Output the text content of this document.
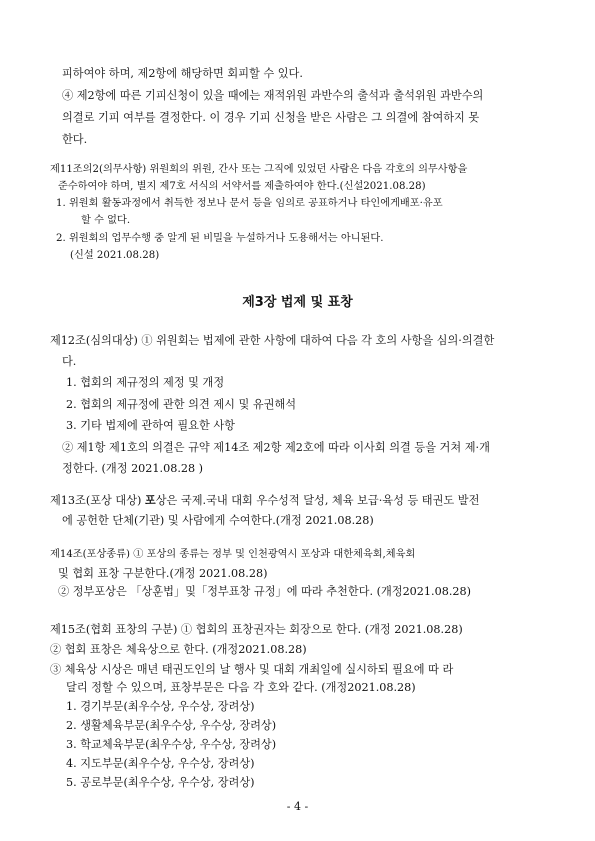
피하여야 하며, 제2항에 해당하면 회피할 수 있다.
④ 제2항에 따른 기피신청이 있을 때에는 재적위원 과반수의 출석과 출석위원 과반수의
의결로 기피 여부를 결정한다. 이 경우 기피 신청을 받은 사람은 그 의결에 참여하지 못
한다.
제11조의2(의무사항) 위원회의 위원, 간사 또는 그직에 있었던 사람은 다음 각호의 의무사항을
준수하여야 하며, 별지 제7호 서식의 서약서를 제출하여야 한다.(신설2021.08.28)
1. 위원회 활동과정에서 취득한 정보나 문서 등을 임의로 공표하거나 타인에게배포·유포
할 수 없다.
2. 위원회의 업무수행 중 알게 된 비밀을 누설하거나 도용해서는 아니된다.
(신설 2021.08.28)
제3장 법제 및 표창
제12조(심의대상) ① 위원회는 법제에 관한 사항에 대하여 다음 각 호의 사항을 심의·의결한
다.
1. 협회의 제규정의 제정 및 개정
2. 협회의 제규정에 관한 의견 제시 및 유권해석
3. 기타 법제에 관하여 필요한 사항
② 제1항 제1호의 의결은 규약 제14조 제2항 제2호에 따라 이사회 의결 등을 거쳐 제·개
정한다. (개정 2021.08.28 )
제13조(포상 대상) 포상은 국제.국내 대회 우수성적 달성, 체육 보급·육성 등 태권도 발전
에 공헌한 단체(기관) 및 사람에게 수여한다.(개정 2021.08.28)
제14조(포상종류) ① 포상의 종류는 정부 및 인천광역시 포상과 대한체육회,체육회
및 협회 표창 구분한다.(개정 2021.08.28)
② 정부포상은 「상훈법」및「정부표창 규정」에 따라 추천한다. (개정2021.08.28)
제15조(협회 표창의 구분) ① 협회의 표창권자는 회장으로 한다. (개정 2021.08.28)
② 협회 표창은 체육상으로 한다. (개정2021.08.28)
③ 체육상 시상은 매년 태권도인의 날 행사 및 대회 개최일에 실시하되 필요에 따 라
달리 정할 수 있으며, 표창부문은 다음 각 호와 같다. (개정2021.08.28)
1. 경기부문(최우수상, 우수상, 장려상)
2. 생활체육부문(최우수상, 우수상, 장려상)
3. 학교체육부문(최우수상, 우수상, 장려상)
4. 지도부문(최우수상, 우수상, 장려상)
5. 공로부문(최우수상, 우수상, 장려상)
- 4 -
